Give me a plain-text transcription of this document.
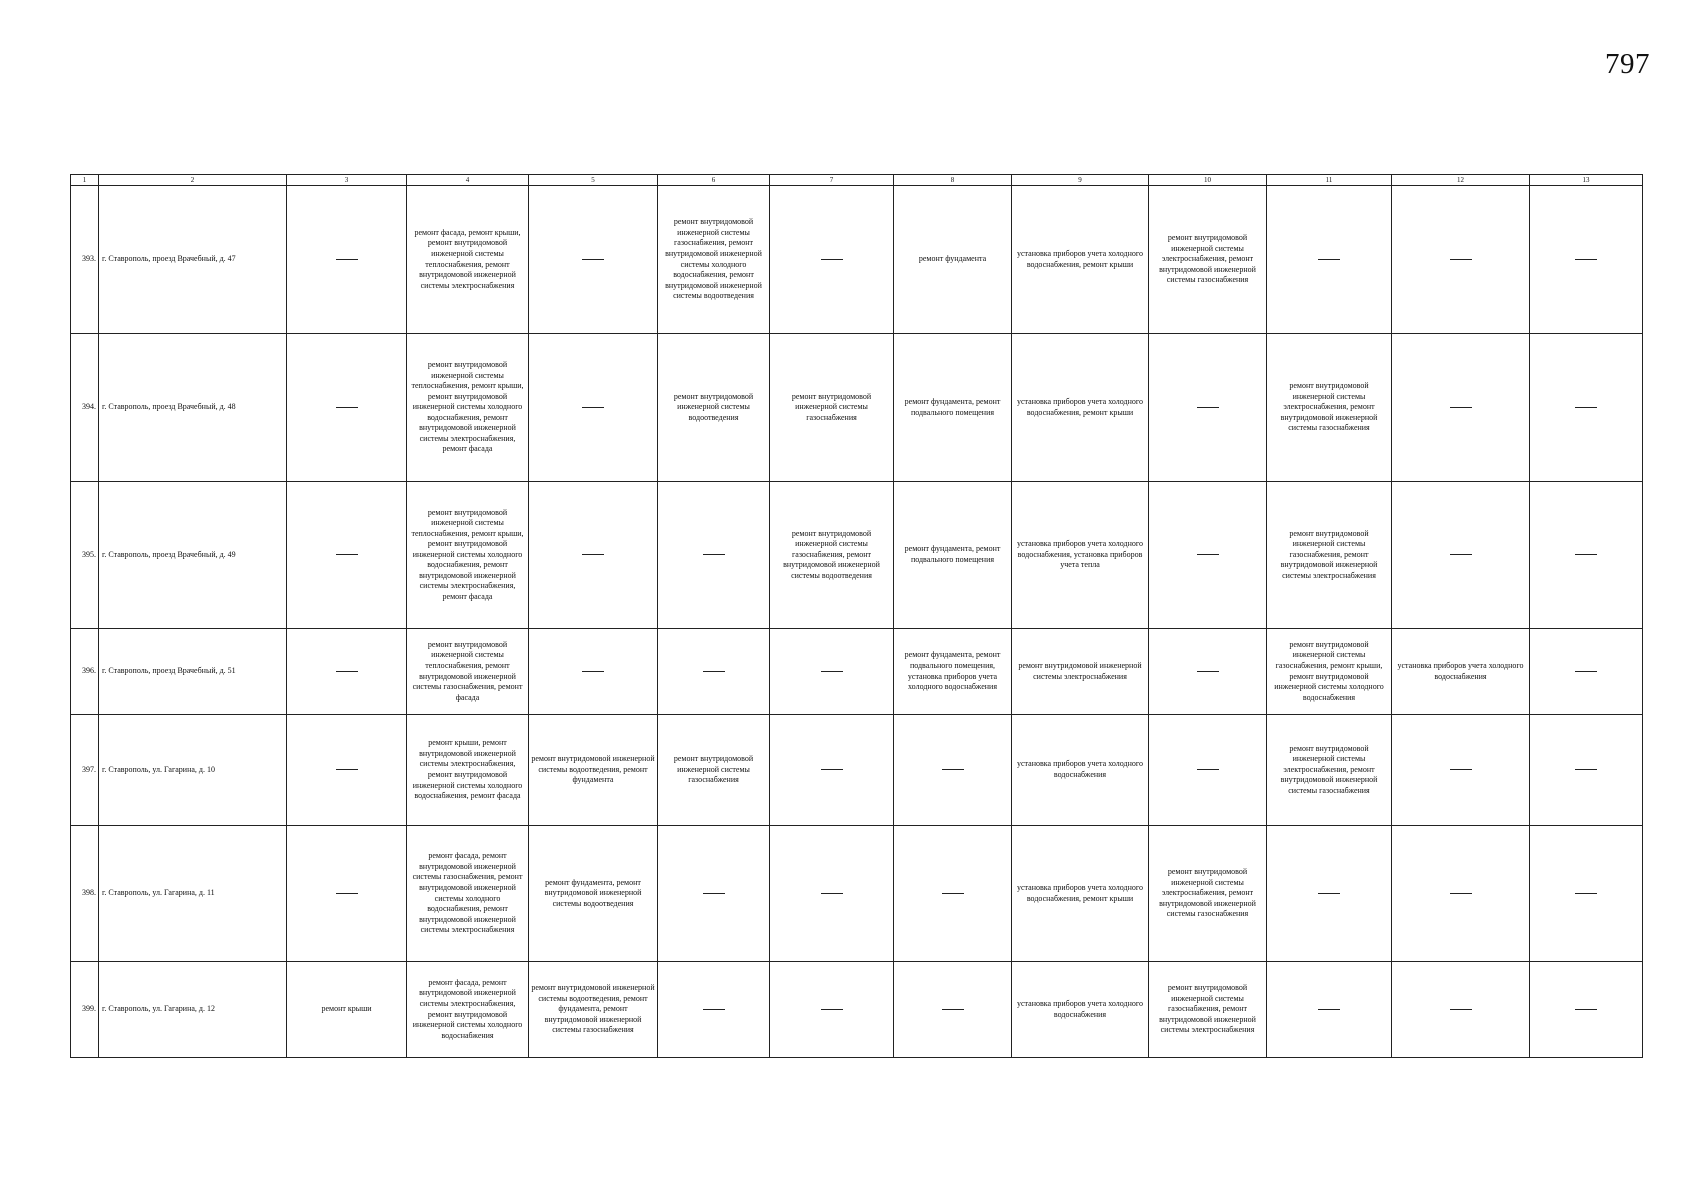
797
1	2	3	4	5	6	7	8	9	10	11	12	13
393.	г. Ставрополь, проезд Врачебный, д. 47		ремонт фасада, ремонт крыши, ремонт внутридомовой инженерной системы теплоснабжения, ремонт внутридомовой инженерной системы электроснабжения		ремонт внутридомовой инженерной системы газоснабжения, ремонт внутридомовой инженерной системы холодного водоснабжения, ремонт внутридомовой инженерной системы водоотведения		ремонт фундамента	установка приборов учета холодного водоснабжения, ремонт крыши	ремонт внутридомовой инженерной системы электроснабжения, ремонт внутридомовой инженерной системы газоснабжения			
394.	г. Ставрополь, проезд Врачебный, д. 48		ремонт внутридомовой инженерной системы теплоснабжения, ремонт крыши, ремонт внутридомовой инженерной системы холодного водоснабжения, ремонт внутридомовой инженерной системы электроснабжения, ремонт фасада		ремонт внутридомовой инженерной системы водоотведения	ремонт внутридомовой инженерной системы газоснабжения	ремонт фундамента, ремонт подвального помещения	установка приборов учета холодного водоснабжения, ремонт крыши		ремонт внутридомовой инженерной системы электроснабжения, ремонт внутридомовой инженерной системы газоснабжения		
395.	г. Ставрополь, проезд Врачебный, д. 49		ремонт внутридомовой инженерной системы теплоснабжения, ремонт крыши, ремонт внутридомовой инженерной системы холодного водоснабжения, ремонт внутридомовой инженерной системы электроснабжения, ремонт фасада			ремонт внутридомовой инженерной системы газоснабжения, ремонт внутридомовой инженерной системы водоотведения	ремонт фундамента, ремонт подвального помещения	установка приборов учета холодного водоснабжения, установка приборов учета тепла		ремонт внутридомовой инженерной системы газоснабжения, ремонт внутридомовой инженерной системы электроснабжения		
396.	г. Ставрополь, проезд Врачебный, д. 51		ремонт внутридомовой инженерной системы теплоснабжения, ремонт внутридомовой инженерной системы газоснабжения, ремонт фасада				ремонт фундамента, ремонт подвального помещения, установка приборов учета холодного водоснабжения	ремонт внутридомовой инженерной системы электроснабжения		ремонт внутридомовой инженерной системы газоснабжения, ремонт крыши, ремонт внутридомовой инженерной системы холодного водоснабжения	установка приборов учета холодного водоснабжения	
397.	г. Ставрополь, ул. Гагарина, д. 10		ремонт крыши, ремонт внутридомовой инженерной системы электроснабжения, ремонт внутридомовой инженерной системы холодного водоснабжения, ремонт фасада	ремонт внутридомовой инженерной системы водоотведения, ремонт фундамента	ремонт внутридомовой инженерной системы газоснабжения			установка приборов учета холодного водоснабжения		ремонт внутридомовой инженерной системы электроснабжения, ремонт внутридомовой инженерной системы газоснабжения		
398.	г. Ставрополь, ул. Гагарина, д. 11		ремонт фасада, ремонт внутридомовой инженерной системы газоснабжения, ремонт внутридомовой инженерной системы холодного водоснабжения, ремонт внутридомовой инженерной системы электроснабжения	ремонт фундамента, ремонт внутридомовой инженерной системы водоотведения				установка приборов учета холодного водоснабжения, ремонт крыши	ремонт внутридомовой инженерной системы электроснабжения, ремонт внутридомовой инженерной системы газоснабжения			
399.	г. Ставрополь, ул. Гагарина, д. 12	ремонт крыши	ремонт фасада, ремонт внутридомовой инженерной системы электроснабжения, ремонт внутридомовой инженерной системы холодного водоснабжения	ремонт внутридомовой инженерной системы водоотведения, ремонт фундамента, ремонт внутридомовой инженерной системы газоснабжения				установка приборов учета холодного водоснабжения	ремонт внутридомовой инженерной системы газоснабжения, ремонт внутридомовой инженерной системы электроснабжения			
